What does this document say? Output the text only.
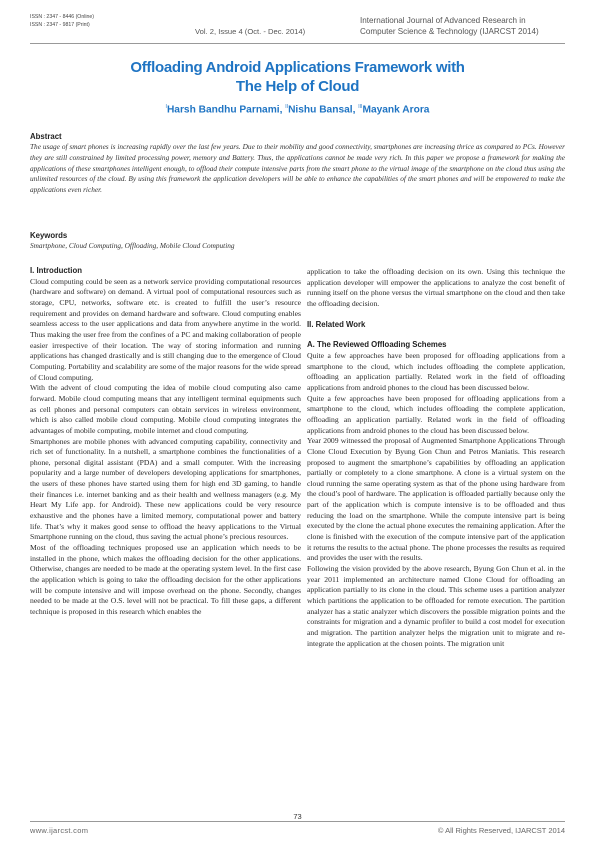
ISSN : 2347 - 8446 (Online)
ISSN : 2347 - 9817 (Print)
Vol. 2, Issue 4 (Oct. - Dec. 2014)
International Journal of Advanced Research in
Computer Science & Technology (IJARCST 2014)
Offloading Android Applications Framework with
The Help of Cloud
$^I$Harsh Bandhu Parnami, $^{II}$Nishu Bansal, $^{III}$Mayank Arora
Abstract
The usage of smart phones is increasing rapidly over the last few years. Due to their mobility and good connectivity, smartphones are increasing thrice as compared to PCs. However they are still constrained by limited processing power, memory and Battery. Thus, the applications cannot be made very rich. In this paper we propose a framework for making the applications of these smartphones intelligent enough, to offload their compute intensive parts from the smart phone to the virtual image of the smartphone on the cloud thus using the unlimited resources of the cloud. By using this framework the application developers will be able to enhance the capabilities of the smart phones and will be empowered to make the applications even richer.
Keywords
Smartphone, Cloud Computing, Offloading, Mobile Cloud Computing

I. Introduction

Cloud computing could be seen as a network service providing computational resources (hardware and software) on demand. A virtual pool of computational resources such as storage, CPU, networks, software etc. is created to fulfill the user’s resource requirement and provides on demand hardware and software. Cloud computing enables seamless access to the user applications and data from anywhere anytime in the world. Thus making the user free from the confines of a PC and making collaboration of people easier irrespective of their location. The way of storing information and running applications has changed drastically and is still changing due to the emergence of Cloud Computing. Portability and scalability are some of the major reasons for the wide spread of Cloud computing.

With the advent of cloud computing the idea of mobile cloud computing also came forward. Mobile cloud computing means that any intelligent terminal equipments such as cell phones and personal computers can obtain services in wireless environment, which is also called mobile cloud computing. Mobile cloud computing integrates the advantages of mobile computing, mobile internet and cloud computing.

Smartphones are mobile phones with advanced computing capability, connectivity and rich set of functionality. In a nutshell, a smartphone combines the functionalities of a phone, personal digital assistant (PDA) and a small computer. With the increasing popularity and a large number of developers developing applications for smartphones, the users of these phones have started using them for high end 3D gaming, to handle their finances i.e. internet banking and as their health and wellness managers (e.g. My Heart My Life app. for Android). These new applications could be very resource exhaustive and the phones have a limited memory, computational power and battery life. That’s why it makes good sense to offload the heavy applications to the Virtual Smartphone running on the cloud, thus saving the actual phone’s precious resources.

Most of the offloading techniques proposed use an application which needs to be installed in the phone, which makes the offloading decision for the other applications. Otherwise, changes are needed to be made at the operating system level. In the first case the application which is going to take the offloading decision for the other applications will be compute intensive and will impose overhead on the phone. Secondly, changes needed to be made at the O.S. level will not be practical. To fill these gaps, a different technique is proposed in this research which enables the

application to take the offloading decision on its own. Using this technique the application developer will empower the applications to analyze the cost benefit of running itself on the phone versus the virtual smartphone on the cloud and then take the offloading decision.

II. Related Work

A. The Reviewed Offloading Schemes

Quite a few approaches have been proposed for offloading applications from a smartphone to the cloud, which includes offloading the complete application, offloading an application partially. Related work in the field of offloading applications from android phones to the cloud has been discussed below.

Quite a few approaches have been proposed for offloading applications from a smartphone to the cloud, which includes offloading the complete application, offloading an application partially. Related work in the field of offloading applications from android phones to the cloud has been discussed below.

Year 2009 witnessed the proposal of Augmented Smartphone Applications Through Clone Cloud Execution by Byung Gon Chun and Petros Maniatis. This research proposed to augment the smartphone’s capabilities by offloading an application partially or completely to a clone smartphone. A clone is a virtual system on the cloud running the same operating system as that of the phone using hardware from the cloud’s pool of hardware. The application is offloaded partially because only the part of the application which is compute intensive is to be offloaded and thus reducing the load on the smartphone. While the compute intensive part is being executed by the clone the actual phone executes the remaining application. After the clone is finished with the execution of the compute intensive part of the application it returns the results to the actual phone. The phone processes the results as required and provides the user with the results.

Following the vision provided by the above research, Byung Gon Chun et al. in the year 2011 implemented an architecture named Clone Cloud for offloading an application partially to its clone in the cloud. This scheme uses a partition analyzer which partitions the application to be offloaded for remote execution. The partition analyzer has a static analyzer which discovers the possible migration points and the constraints for migration and a dynamic profiler to build a cost model for execution and migration. The partition analyzer helps the migration unit to migrate and re-integrate the application at the chosen points. The migration unit

73
www.ijarcst.com	© All Rights Reserved, IJARCST 2014
